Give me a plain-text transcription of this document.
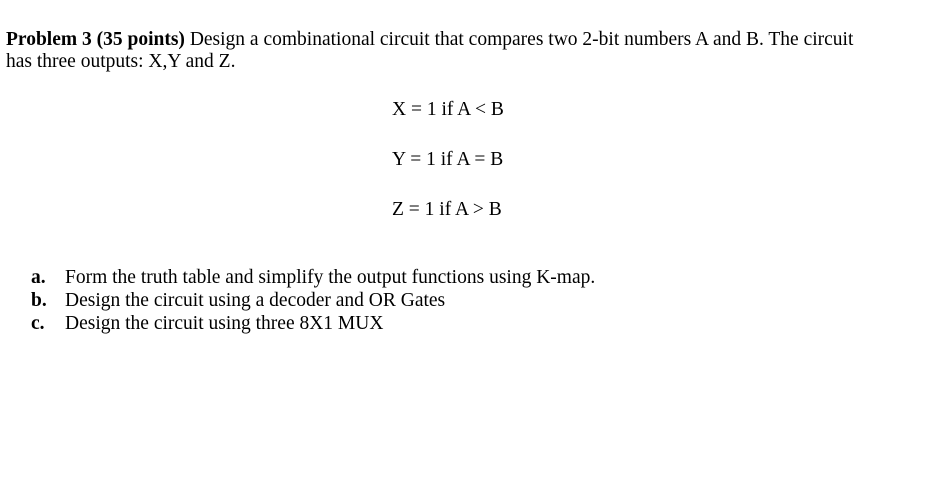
Problem 3 (35 points) Design a combinational circuit that compares two 2-bit numbers A and B. The circuit
has three outputs: X,Y and Z.
X = 1 if A < B
Y = 1 if A = B
Z = 1 if A > B
a. Form the truth table and simplify the output functions using K-map.
b. Design the circuit using a decoder and OR Gates
c.	Design the circuit using three 8X1 MUX
